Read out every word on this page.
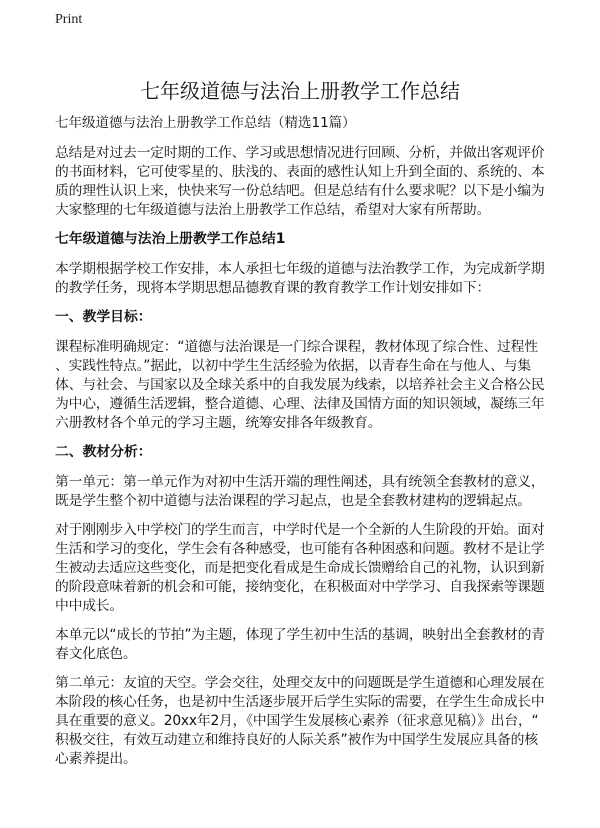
Print
七年级道德与法治上册教学工作总结
七年级道德与法治上册教学工作总结（精选11篇）
总结是对过去一定时期的工作、学习或思想情况进行回顾、分析，并做出客观评价
的书面材料，它可使零星的、肤浅的、表面的感性认知上升到全面的、系统的、本
质的理性认识上来，快快来写一份总结吧。但是总结有什么要求呢？以下是小编为
大家整理的七年级道德与法治上册教学工作总结，希望对大家有所帮助。
七年级道德与法治上册教学工作总结1
本学期根据学校工作安排，本人承担七年级的道德与法治教学工作，为完成新学期
的教学任务，现将本学期思想品德教育课的教育教学工作计划安排如下：
一、教学目标：
课程标准明确规定：“道德与法治课是一门综合课程，教材体现了综合性、过程性
、实践性特点。”据此，以初中学生生活经验为依据，以青春生命在与他人、与集
体、与社会、与国家以及全球关系中的自我发展为线索，以培养社会主义合格公民
为中心，遵循生活逻辑，整合道德、心理、法律及国情方面的知识领域，凝练三年
六册教材各个单元的学习主题，统筹安排各年级教育。
二、教材分析：
第一单元：第一单元作为对初中生活开端的理性阐述，具有统领全套教材的意义，
既是学生整个初中道德与法治课程的学习起点，也是全套教材建构的逻辑起点。
对于刚刚步入中学校门的学生而言，中学时代是一个全新的人生阶段的开始。面对
生活和学习的变化，学生会有各种感受，也可能有各种困惑和问题。教材不是让学
生被动去适应这些变化，而是把变化看成是生命成长馈赠给自己的礼物，认识到新
的阶段意味着新的机会和可能，接纳变化，在积极面对中学学习、自我探索等课题
中中成长。
本单元以“成长的节拍”为主题，体现了学生初中生活的基调，映射出全套教材的青
春文化底色。
第二单元：友谊的天空。学会交往，处理交友中的问题既是学生道德和心理发展在
本阶段的核心任务，也是初中生活逐步展开后学生实际的需要，在学生生命成长中
具在重要的意义。20xx年2月，《中国学生发展核心素养（征求意见稿）》出台，“
积极交往，有效互动建立和维持良好的人际关系”被作为中国学生发展应具备的核
心素养提出。
